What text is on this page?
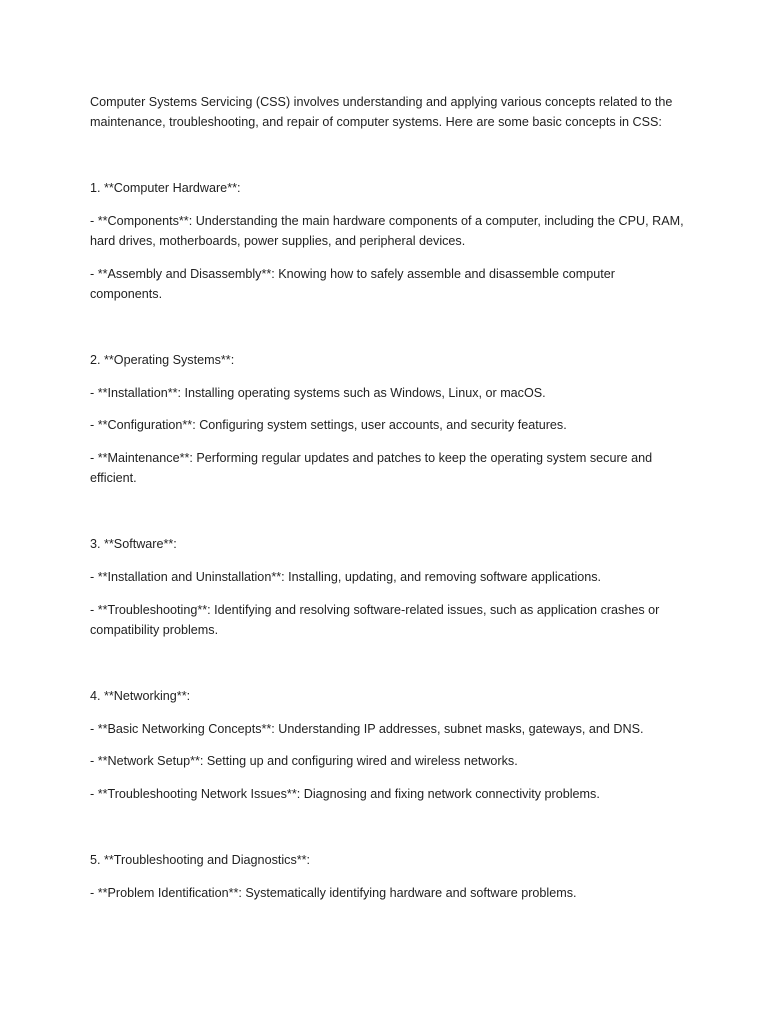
Computer Systems Servicing (CSS) involves understanding and applying various concepts related to the maintenance, troubleshooting, and repair of computer systems. Here are some basic concepts in CSS:

1. **Computer Hardware**:

- **Components**: Understanding the main hardware components of a computer, including the CPU, RAM, hard drives, motherboards, power supplies, and peripheral devices.

- **Assembly and Disassembly**: Knowing how to safely assemble and disassemble computer components.

2. **Operating Systems**:

- **Installation**: Installing operating systems such as Windows, Linux, or macOS.

- **Configuration**: Configuring system settings, user accounts, and security features.

- **Maintenance**: Performing regular updates and patches to keep the operating system secure and efficient.

3. **Software**:

- **Installation and Uninstallation**: Installing, updating, and removing software applications.

- **Troubleshooting**: Identifying and resolving software-related issues, such as application crashes or compatibility problems.

4. **Networking**:

- **Basic Networking Concepts**: Understanding IP addresses, subnet masks, gateways, and DNS.

- **Network Setup**: Setting up and configuring wired and wireless networks.

- **Troubleshooting Network Issues**: Diagnosing and fixing network connectivity problems.

5. **Troubleshooting and Diagnostics**:

- **Problem Identification**: Systematically identifying hardware and software problems.
